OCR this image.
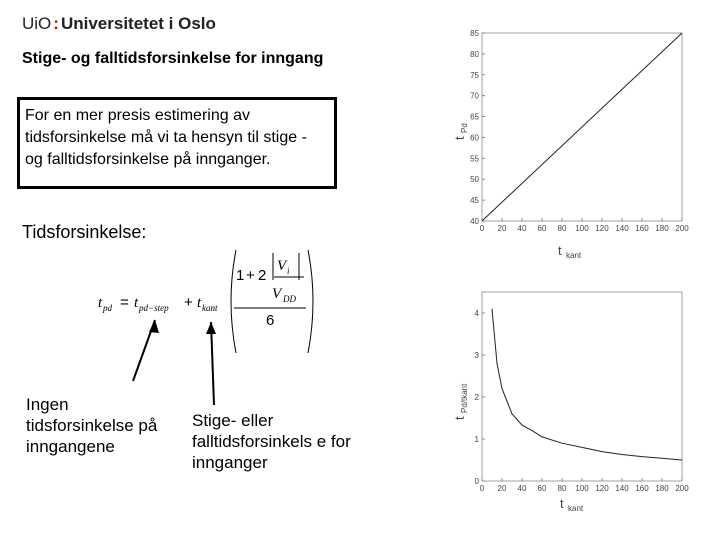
UiO : Universitetet i Oslo
Stige- og falltidsforsinkelse for inngang
For en mer presis estimering av tidsforsinkelse må vi ta hensyn til stige - og falltidsforsinkelse på innganger.
Tidsforsinkelse:
t pd = t pd−step + t kant
1 + 2
V i
V DD
6
Ingen tidsforsinkelse på inngangene
Stige- eller falltidsforsinkels e for innganger
0 20 40 60 80 100 120 140 160 180 200
40
45
50
55
60
65
70
75
80
85
t kant
t
Pd
0 20 40 60 80 100 120 140 160 180 200
0
1
2
3
4
t kant
t
Pd/tkant
